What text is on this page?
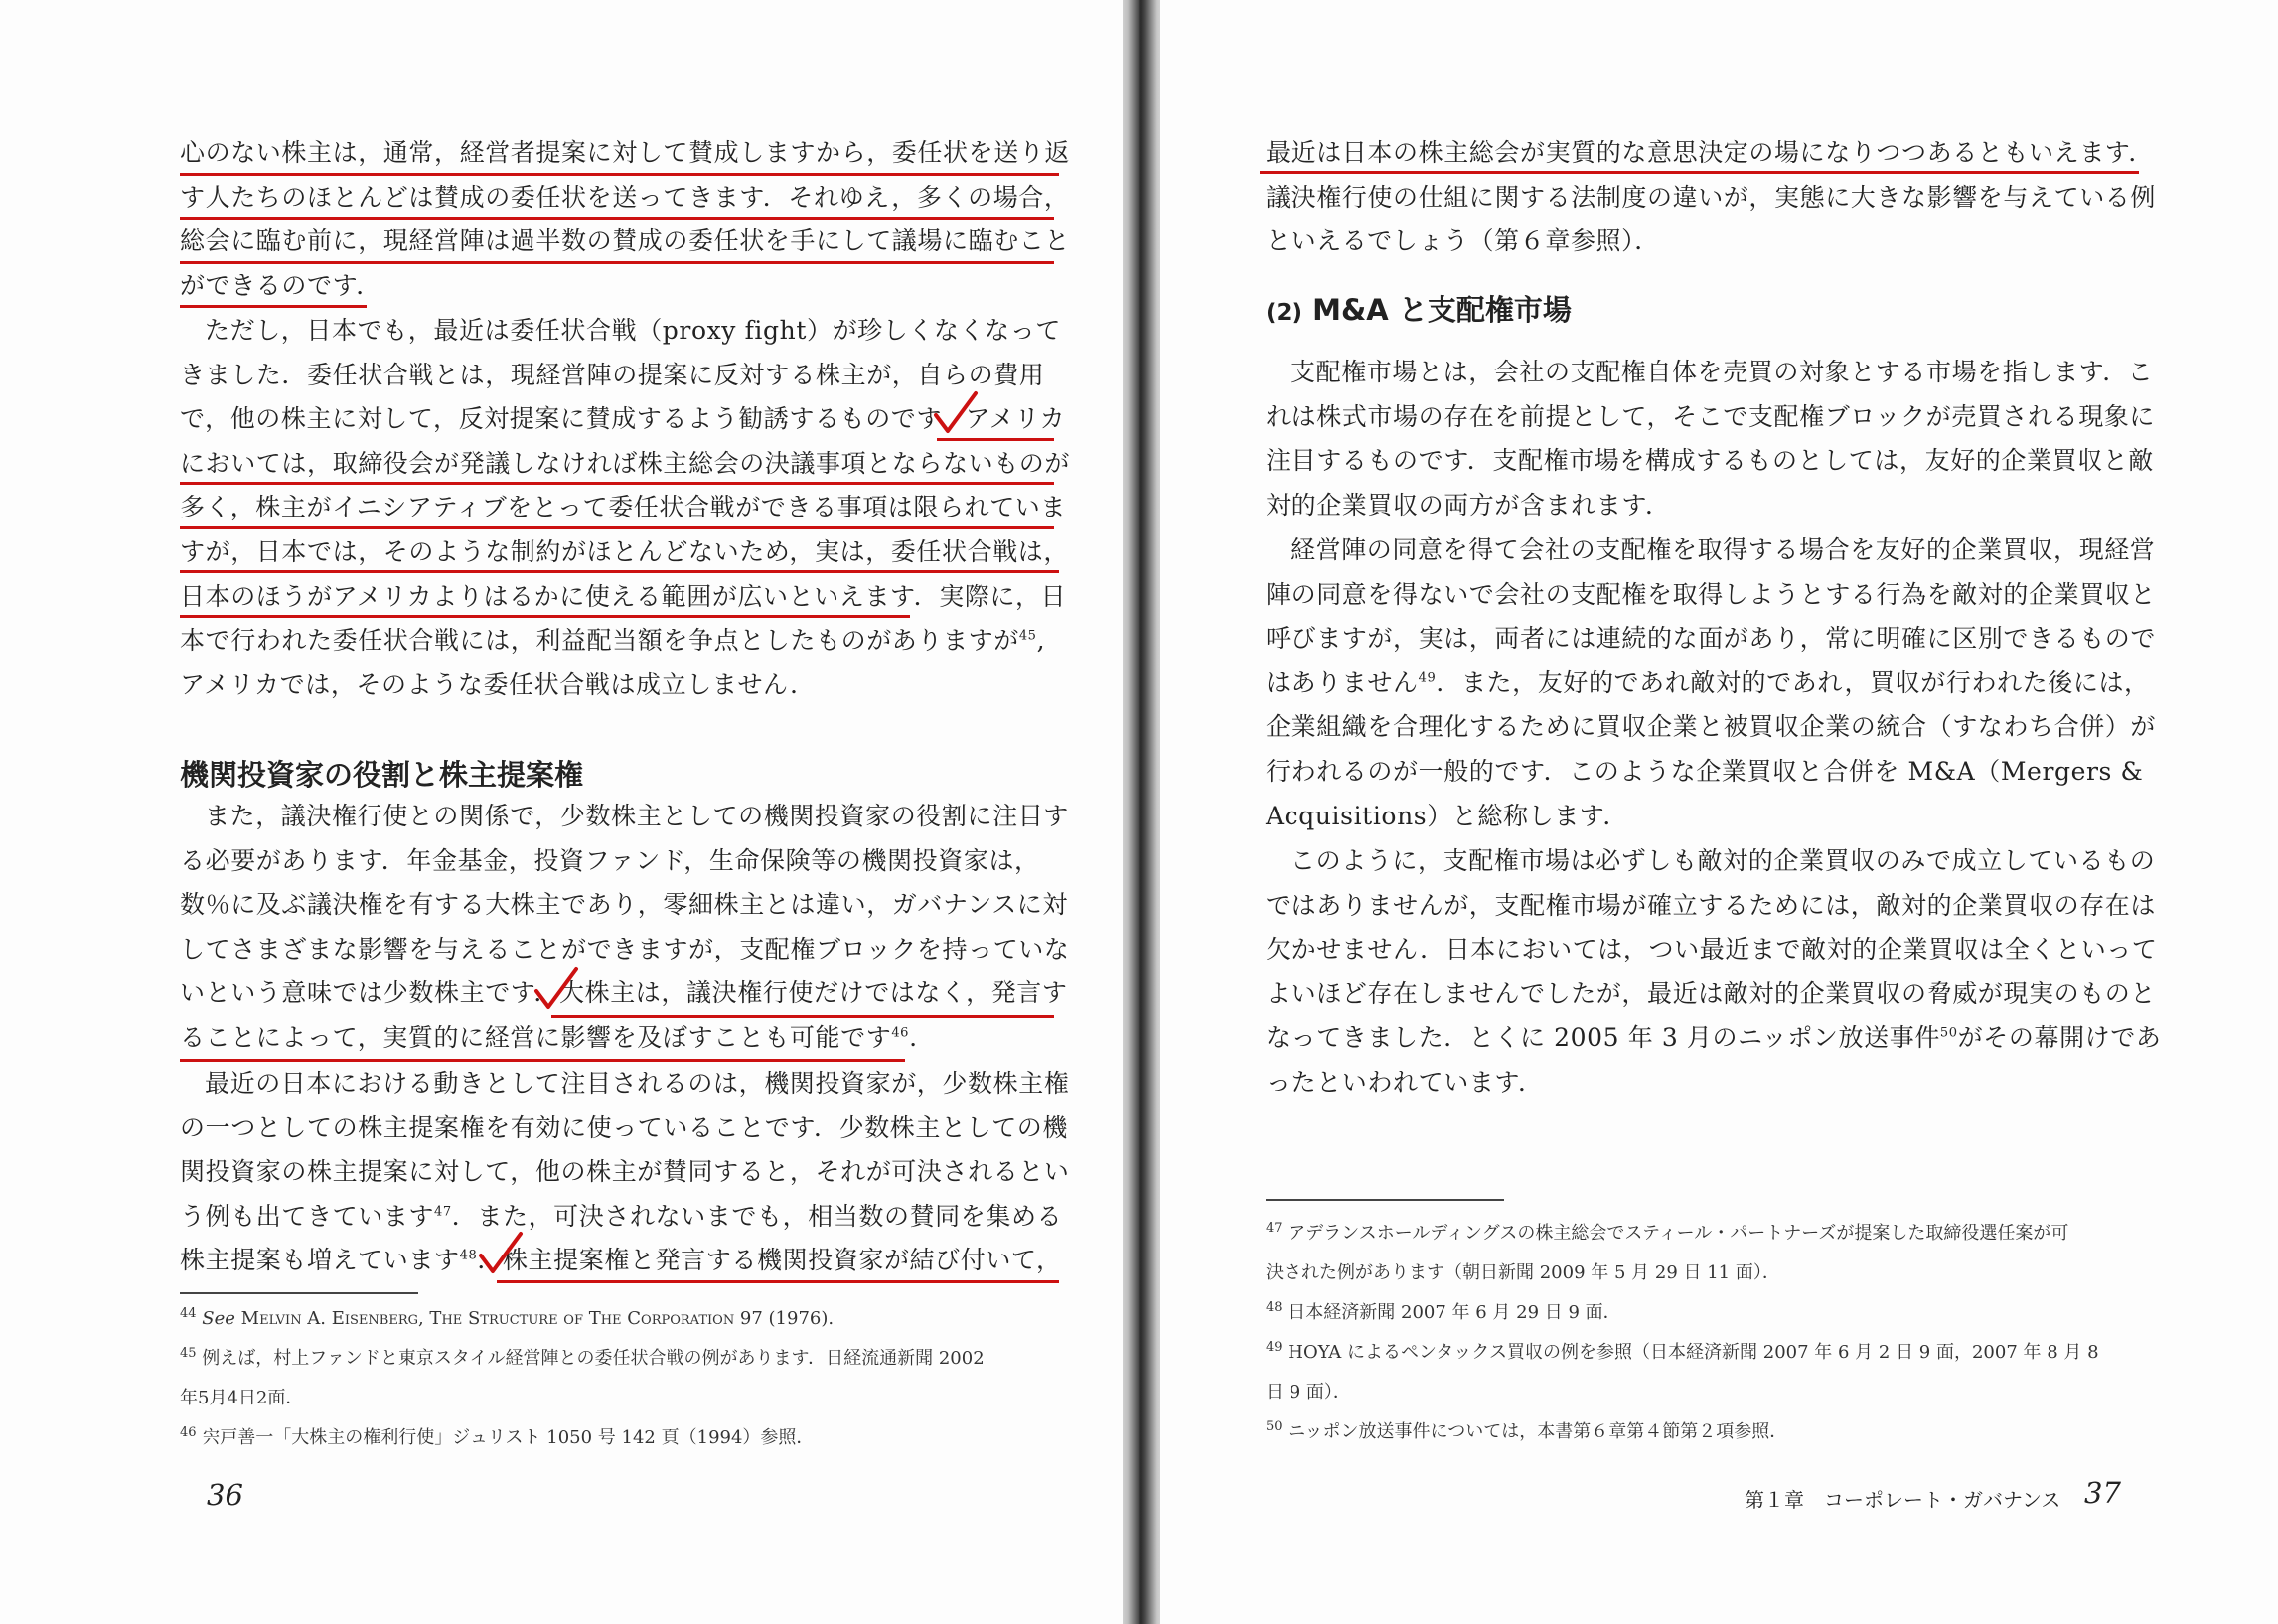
心のない株主は，通常，経営者提案に対して賛成しますから，委任状を送り返
す人たちのほとんどは賛成の委任状を送ってきます．それゆえ，多くの場合，
総会に臨む前に，現経営陣は過半数の賛成の委任状を手にして議場に臨むこと
ができるのです．
ただし，日本でも，最近は委任状合戦（proxy fight）が珍しくなくなって
きました．委任状合戦とは，現経営陣の提案に反対する株主が，自らの費用
で，他の株主に対して，反対提案に賛成するよう勧誘するものです．アメリカ
においては，取締役会が発議しなければ株主総会の決議事項とならないものが
多く，株主がイニシアティブをとって委任状合戦ができる事項は限られていま
すが，日本では，そのような制約がほとんどないため，実は，委任状合戦は，
日本のほうがアメリカよりはるかに使える範囲が広いといえます．実際に，日
本で行われた委任状合戦には，利益配当額を争点としたものがありますが$^{45}$,
アメリカでは，そのような委任状合戦は成立しません．
機関投資家の役割と株主提案権
また，議決権行使との関係で，少数株主としての機関投資家の役割に注目す
る必要があります．年金基金，投資ファンド，生命保険等の機関投資家は，
数％に及ぶ議決権を有する大株主であり，零細株主とは違い，ガバナンスに対
してさまざまな影響を与えることができますが，支配権ブロックを持っていな
いという意味では少数株主です．大株主は，議決権行使だけではなく，発言す
ることによって，実質的に経営に影響を及ぼすことも可能です$^{46}$.
最近の日本における動きとして注目されるのは，機関投資家が，少数株主権
の一つとしての株主提案権を有効に使っていることです．少数株主としての機
関投資家の株主提案に対して，他の株主が賛同すると，それが可決されるとい
う例も出てきています$^{47}$．また，可決されないまでも，相当数の賛同を集める
株主提案も増えています$^{48}$．株主提案権と発言する機関投資家が結び付いて，
$^{44}$ See Melvin A. Eisenberg, The Structure of The Corporation 97 (1976).
$^{45}$ 例えば，村上ファンドと東京スタイル経営陣との委任状合戦の例があります．日経流通新聞 2002
年5月4日2面．
$^{46}$ 宍戸善一「大株主の権利行使」ジュリスト 1050 号 142 頁（1994）参照．
36
最近は日本の株主総会が実質的な意思決定の場になりつつあるともいえます．
議決権行使の仕組に関する法制度の違いが，実態に大きな影響を与えている例
といえるでしょう（第６章参照）．
(2) M&A と支配権市場
支配権市場とは，会社の支配権自体を売買の対象とする市場を指します．こ
れは株式市場の存在を前提として，そこで支配権ブロックが売買される現象に
注目するものです．支配権市場を構成するものとしては，友好的企業買収と敵
対的企業買収の両方が含まれます．
経営陣の同意を得て会社の支配権を取得する場合を友好的企業買収，現経営
陣の同意を得ないで会社の支配権を取得しようとする行為を敵対的企業買収と
呼びますが，実は，両者には連続的な面があり，常に明確に区別できるもので
はありません$^{49}$．また，友好的であれ敵対的であれ，買収が行われた後には，
企業組織を合理化するために買収企業と被買収企業の統合（すなわち合併）が
行われるのが一般的です．このような企業買収と合併を M&A（Mergers &
Acquisitions）と総称します．
このように，支配権市場は必ずしも敵対的企業買収のみで成立しているもの
ではありませんが，支配権市場が確立するためには，敵対的企業買収の存在は
欠かせません．日本においては，つい最近まで敵対的企業買収は全くといって
よいほど存在しませんでしたが，最近は敵対的企業買収の脅威が現実のものと
なってきました．とくに 2005 年 3 月のニッポン放送事件$^{50}$がその幕開けであ
ったといわれています．
$^{47}$ アデランスホールディングスの株主総会でスティール・パートナーズが提案した取締役選任案が可
決された例があります（朝日新聞 2009 年 5 月 29 日 11 面）．
$^{48}$ 日本経済新聞 2007 年 6 月 29 日 9 面．
$^{49}$ HOYA によるペンタックス買収の例を参照（日本経済新聞 2007 年 6 月 2 日 9 面，2007 年 8 月 8
日 9 面）．
$^{50}$ ニッポン放送事件については，本書第６章第４節第２項参照．
第１章　コーポレート・ガバナンス 37
